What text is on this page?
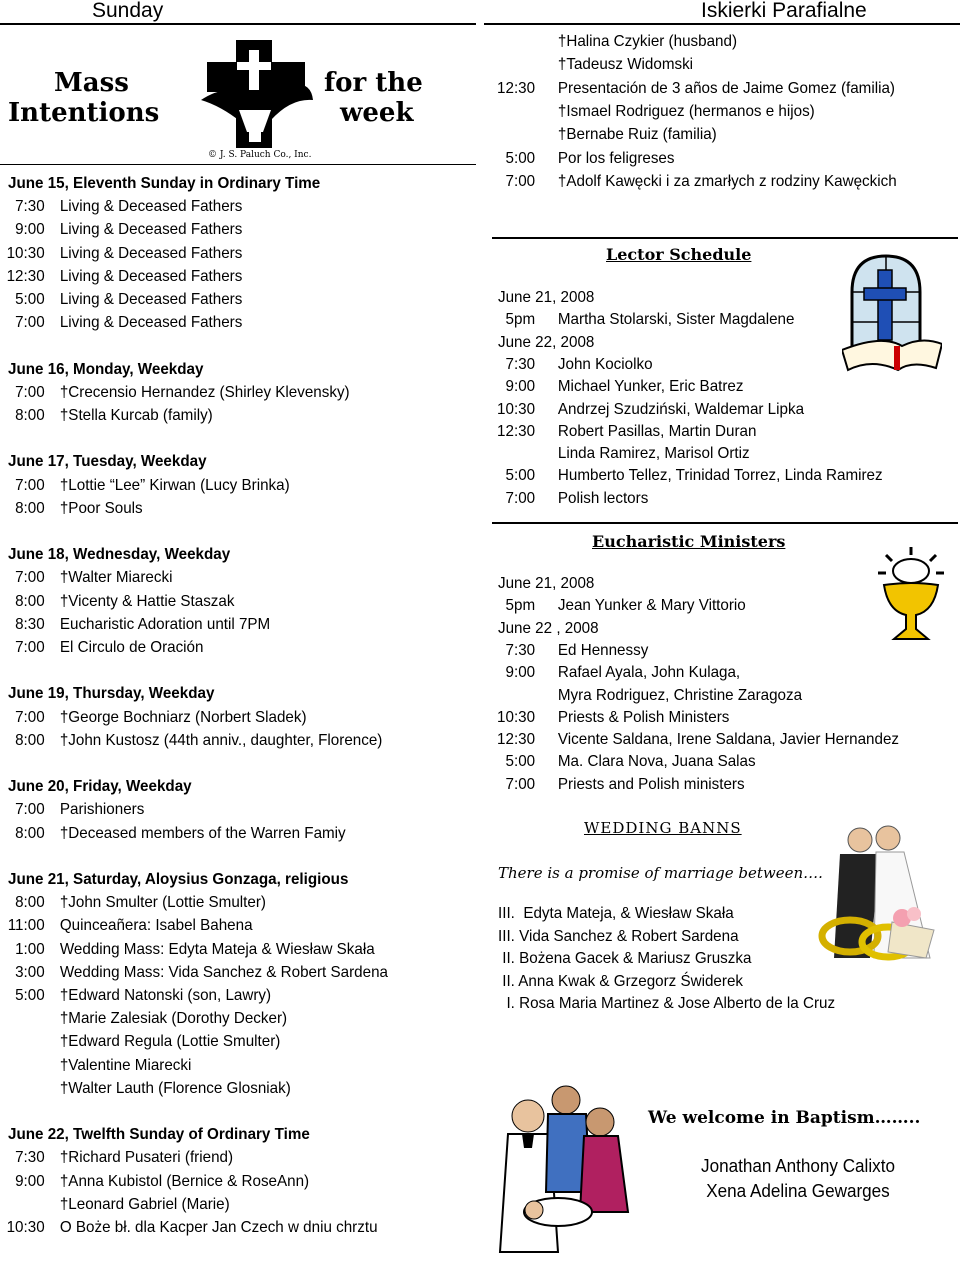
Sunday
Mass
Intentions
for the
week
© J. S. Paluch Co., Inc.
June 15, Eleventh Sunday in Ordinary Time
7:30 Living & Deceased Fathers
9:00 Living & Deceased Fathers
10:30 Living & Deceased Fathers
12:30 Living & Deceased Fathers
5:00 Living & Deceased Fathers
7:00 Living & Deceased Fathers
June 16, Monday, Weekday
7:00 †Crecensio Hernandez (Shirley Klevensky)
8:00 †Stella Kurcab (family)
June 17, Tuesday, Weekday
7:00 †Lottie “Lee” Kirwan (Lucy Brinka)
8:00 †Poor Souls
June 18, Wednesday, Weekday
7:00 †Walter Miarecki
8:00 †Vicenty & Hattie Staszak
8:30 Eucharistic Adoration until 7PM
7:00 El Circulo de Oración
June 19, Thursday, Weekday
7:00 †George Bochniarz (Norbert Sladek)
8:00 †John Kustosz (44th anniv., daughter, Florence)
June 20, Friday, Weekday
7:00 Parishioners
8:00 †Deceased members of the Warren Famiy
June 21, Saturday, Aloysius Gonzaga, religious
8:00 †John Smulter (Lottie Smulter)
11:00 Quinceañera: Isabel Bahena
1:00 Wedding Mass: Edyta Mateja & Wiesław Skała
3:00 Wedding Mass: Vida Sanchez & Robert Sardena
5:00 †Edward Natonski (son, Lawry)
†Marie Zalesiak (Dorothy Decker)
†Edward Regula (Lottie Smulter)
†Valentine Miarecki
†Walter Lauth (Florence Glosniak)
June 22, Twelfth Sunday of Ordinary Time
7:30 †Richard Pusateri (friend)
9:00 †Anna Kubistol (Bernice & RoseAnn)
†Leonard Gabriel (Marie)
10:30 O Boże bł. dla Kacper Jan Czech w dniu chrztu
Iskierki Parafialne
†Halina Czykier (husband)
†Tadeusz Widomski
12:30 Presentación de 3 años de Jaime Gomez (familia)
†Ismael Rodriguez (hermanos e hijos)
†Bernabe Ruiz (familia)
5:00 Por los feligreses
7:00 †Adolf Kawęcki i za zmarłych z rodziny Kawęckich
Lector Schedule
June 21, 2008
5pm Martha Stolarski, Sister Magdalene
June 22, 2008
7:30 John Kociolko
9:00 Michael Yunker, Eric Batrez
10:30 Andrzej Szudziński, Waldemar Lipka
12:30 Robert Pasillas, Martin Duran
Linda Ramirez, Marisol Ortiz
5:00 Humberto Tellez, Trinidad Torrez, Linda Ramirez
7:00 Polish lectors
Eucharistic Ministers
June 21, 2008
5pm Jean Yunker & Mary Vittorio
June 22 , 2008
7:30 Ed Hennessy
9:00 Rafael Ayala, John Kulaga,
Myra Rodriguez, Christine Zaragoza
10:30 Priests & Polish Ministers
12:30 Vicente Saldana, Irene Saldana, Javier Hernandez
5:00 Ma. Clara Nova, Juana Salas
7:00 Priests and Polish ministers
WEDDING BANNS
There is a promise of marriage between….
III.  Edyta Mateja, & Wiesław Skała
III. Vida Sanchez & Robert Sardena
II. Bożena Gacek & Mariusz Gruszka
II. Anna Kwak & Grzegorz Świderek
I. Rosa Maria Martinez & Jose Alberto de la Cruz
We welcome in Baptism……..
Jonathan Anthony Calixto
Xena Adelina Gewarges
